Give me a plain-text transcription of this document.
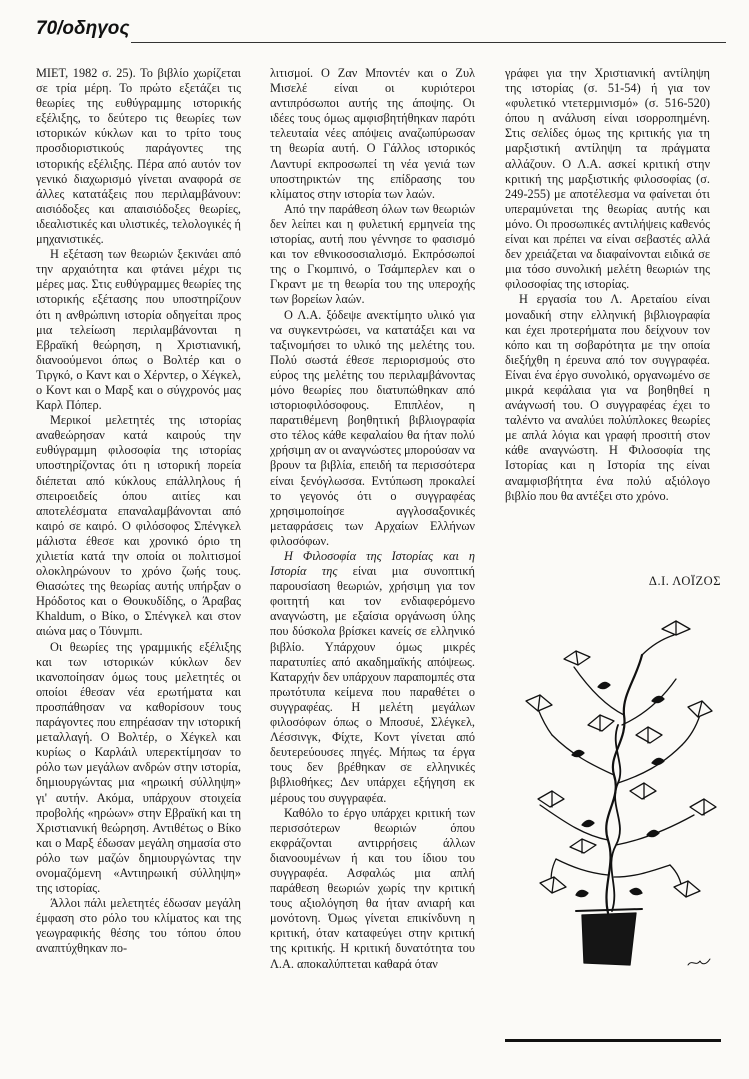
70/οδηγος

ΜΙΕΤ, 1982 σ. 25). Το βιβλίο χωρίζεται σε τρία μέρη. Το πρώτο εξετάζει τις θεωρίες της ευθύγραμμης ιστορικής εξέλιξης, το δεύτερο τις θεωρίες των ιστορικών κύκλων και το τρίτο τους προσδιοριστικούς παράγοντες της ιστορικής εξέλιξης. Πέρα από αυτόν τον γενικό διαχωρισμό γίνεται αναφορά σε άλλες κατατάξεις που περιλαμβάνουν: αισιόδοξες και απαισιόδοξες θεωρίες, ιδεαλιστικές και υλιστικές, τελολογικές ή μηχανιστικές.

Η εξέταση των θεωριών ξεκινάει από την αρχαιότητα και φτάνει μέχρι τις μέρες μας. Στις ευθύγραμμες θεωρίες της ιστορικής εξέτασης που υποστηρίζουν ότι η ανθρώπινη ιστορία οδηγείται προς μια τελείωση περιλαμβάνονται η Εβραϊκή θεώρηση, η Χριστιανική, διανοούμενοι όπως ο Βολτέρ και ο Τιργκό, ο Καντ και ο Χέρντερ, ο Χέγκελ, ο Κοντ και ο Μαρξ και ο σύγχρονός μας Καρλ Πόπερ.

Μερικοί μελετητές της ιστορίας αναθεώρησαν κατά καιρούς την ευθύγραμμη φιλοσοφία της ιστορίας υποστηρίζοντας ότι η ιστορική πορεία διέπεται από κύκλους επάλληλους ή σπειροειδείς όπου αιτίες και αποτελέσματα επαναλαμβάνονται από καιρό σε καιρό. Ο φιλόσοφος Σπένγκελ μάλιστα έθεσε και χρονικό όριο τη χιλιετία κατά την οποία οι πολιτισμοί ολοκληρώνουν το χρόνο ζωής τους. Θιασώτες της θεωρίας αυτής υπήρξαν ο Ηρόδοτος και ο Θουκυδίδης, ο Άραβας Khaldum, ο Βίκο, ο Σπένγκελ και στον αιώνα μας ο Τόυνμπι.

Οι θεωρίες της γραμμικής εξέλιξης και των ιστορικών κύκλων δεν ικανοποίησαν όμως τους μελετητές οι οποίοι έθεσαν νέα ερωτήματα και προσπάθησαν να καθορίσουν τους παράγοντες που επηρέασαν την ιστορική μεταλλαγή. Ο Βολτέρ, ο Χέγκελ και κυρίως ο Καρλάιλ υπερεκτίμησαν το ρόλο των μεγάλων ανδρών στην ιστορία, δημιουργώντας μια «ηρωική σύλληψη» γι' αυτήν. Ακόμα, υπάρχουν στοιχεία προβολής «ηρώων» στην Εβραϊκή και τη Χριστιανική θεώρηση. Αντιθέτως ο Βίκο και ο Μαρξ έδωσαν μεγάλη σημασία στο ρόλο των μαζών δημιουργώντας την ονομαζόμενη «Αντιηρωική σύλληψη» της ιστορίας.

Άλλοι πάλι μελετητές έδωσαν μεγάλη έμφαση στο ρόλο του κλίματος και της γεωγραφικής θέσης του τόπου όπου αναπτύχθηκαν πο-

λιτισμοί. Ο Ζαν Μποντέν και ο Ζυλ Μισελέ είναι οι κυριότεροι αντιπρόσωποι αυτής της άποψης. Οι ιδέες τους όμως αμφισβητήθηκαν παρότι τελευταία νέες απόψεις αναζωπύρωσαν τη θεωρία αυτή. Ο Γάλλος ιστορικός Λαντυρί εκπροσωπεί τη νέα γενιά των υποστηρικτών της επίδρασης του κλίματος στην ιστορία των λαών.

Από την παράθεση όλων των θεωριών δεν λείπει και η φυλετική ερμηνεία της ιστορίας, αυτή που γέννησε το φασισμό και τον εθνικοσοσιαλισμό. Εκπρόσωποί της ο Γκομπινό, ο Τσάμπερλεν και ο Γκραντ με τη θεωρία του της υπεροχής των βορείων λαών.

Ο Λ.Α. ξόδεψε ανεκτίμητο υλικό για να συγκεντρώσει, να κατατάξει και να ταξινομήσει το υλικό της μελέτης του. Πολύ σωστά έθεσε περιορισμούς στο εύρος της μελέτης του περιλαμβάνοντας μόνο θεωρίες που διατυπώθηκαν από ιστοριοφιλόσοφους. Επιπλέον, η παρατιθέμενη βοηθητική βιβλιογραφία στο τέλος κάθε κεφαλαίου θα ήταν πολύ χρήσιμη αν οι αναγνώστες μπορούσαν να βρουν τα βιβλία, επειδή τα περισσότερα είναι ξενόγλωσσα. Εντύπωση προκαλεί το γεγονός ότι ο συγγραφέας χρησιμοποίησε αγγλοσαξονικές μεταφράσεις των Αρχαίων Ελλήνων φιλοσόφων.

Η Φιλοσοφία της Ιστορίας και η Ιστορία της είναι μια συνοπτική παρουσίαση θεωριών, χρήσιμη για τον φοιτητή και τον ενδιαφερόμενο αναγνώστη, με εξαίσια οργάνωση ύλης που δύσκολα βρίσκει κανείς σε ελληνικό βιβλίο. Υπάρχουν όμως μικρές παρατυπίες από ακαδημαϊκής απόψεως. Καταρχήν δεν υπάρχουν παραπομπές στα πρωτότυπα κείμενα που παραθέτει ο συγγραφέας. Η μελέτη μεγάλων φιλοσόφων όπως ο Μποσυέ, Σλέγκελ, Λέσσινγκ, Φίχτε, Κοντ γίνεται από δευτερεύουσες πηγές. Μήπως τα έργα τους δεν βρέθηκαν σε ελληνικές βιβλιοθήκες; Δεν υπάρχει εξήγηση εκ μέρους του συγγραφέα.

Καθόλο το έργο υπάρχει κριτική των περισσότερων θεωριών όπου εκφράζονται αντιρρήσεις άλλων διανοουμένων ή και του ίδιου του συγγραφέα. Ασφαλώς μια απλή παράθεση θεωριών χωρίς την κριτική τους αξιολόγηση θα ήταν ανιαρή και μονότονη. Όμως γίνεται επικίνδυνη η κριτική, όταν καταφεύγει στην κριτική της κριτικής. Η κριτική δυνατότητα του Λ.Α. αποκαλύπτεται καθαρά όταν

γράφει για την Χριστιανική αντίληψη της ιστορίας (σ. 51-54) ή για τον «φυλετικό ντετερμινισμό» (σ. 516-520) όπου η ανάλυση είναι ισορροπημένη. Στις σελίδες όμως της κριτικής για τη μαρξιστική αντίληψη τα πράγματα αλλάζουν. Ο Λ.Α. ασκεί κριτική στην κριτική της μαρξιστικής φιλοσοφίας (σ. 249-255) με αποτέλεσμα να φαίνεται ότι υπεραμύνεται της θεωρίας αυτής και μόνο. Οι προσωπικές αντιλήψεις καθενός είναι και πρέπει να είναι σεβαστές αλλά δεν χρειάζεται να διαφαίνονται ειδικά σε μια τόσο συνολική μελέτη θεωριών της φιλοσοφίας της ιστορίας.

Η εργασία του Λ. Αρεταίου είναι μοναδική στην ελληνική βιβλιογραφία και έχει προτερήματα που δείχνουν τον κόπο και τη σοβαρότητα με την οποία διεξήχθη η έρευνα από τον συγγραφέα. Είναι ένα έργο συνολικό, οργανωμένο σε μικρά κεφάλαια για να βοηθηθεί η ανάγνωσή του. Ο συγγραφέας έχει το ταλέντο να αναλύει πολύπλοκες θεωρίες με απλά λόγια και γραφή προσιτή στον κάθε αναγνώστη. Η Φιλοσοφία της Ιστορίας και η Ιστορία της είναι αναμφισβήτητα ένα πολύ αξιόλογο βιβλίο που θα αντέξει στο χρόνο.

Δ.Ι. ΛΟΪΖΟΣ
